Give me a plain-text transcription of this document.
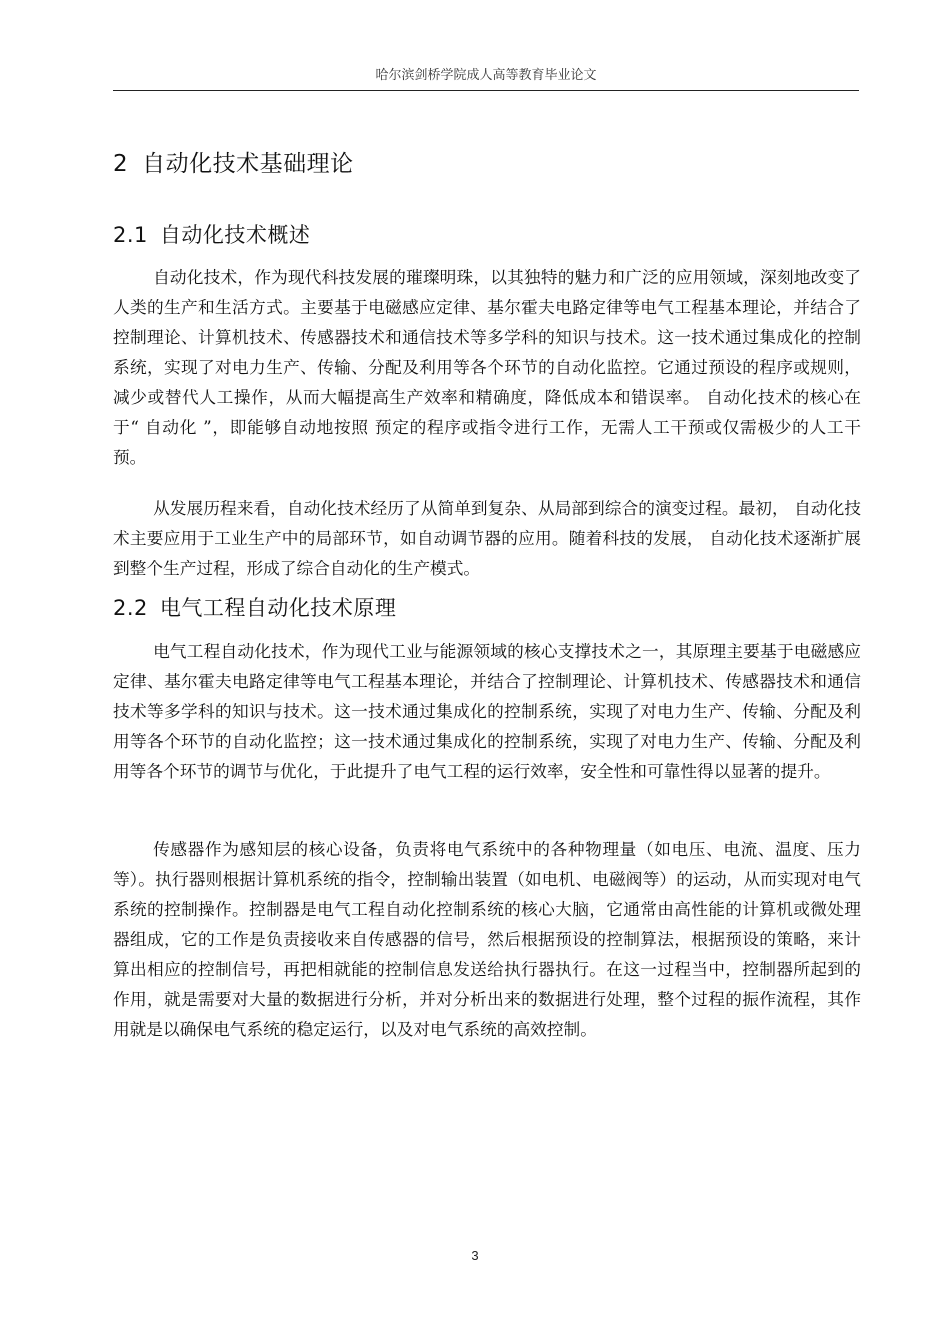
哈尔滨剑桥学院成人高等教育毕业论文
2 自动化技术基础理论
2.1 自动化技术概述

自动化技术，作为现代科技发展的璀璨明珠，以其独特的魅力和广泛的应用领域，深刻地改变了人类的生产和生活方式。主要基于电磁感应定律、基尔霍夫电路定律等电气工程基本理论，并结合了控制理论、计算机技术、传感器技术和通信技术等多学科的知识与技术。这一技术通过集成化的控制系统，实现了对电力生产、传输、分配及利用等各个环节的自动化监控。它通过预设的程序或规则，减少或替代人工操作，从而大幅提高生产效率和精确度，降低成本和错误率。 自动化技术的核心在于“ 自动化 ”，即能够自动地按照 预定的程序或指令进行工作，无需人工干预或仅需极少的人工干预。

从发展历程来看，自动化技术经历了从简单到复杂、从局部到综合的演变过程。最初， 自动化技术主要应用于工业生产中的局部环节，如自动调节器的应用。随着科技的发展， 自动化技术逐渐扩展到整个生产过程，形成了综合自动化的生产模式。

2.2 电气工程自动化技术原理

电气工程自动化技术，作为现代工业与能源领域的核心支撑技术之一，其原理主要基于电磁感应定律、基尔霍夫电路定律等电气工程基本理论，并结合了控制理论、计算机技术、传感器技术和通信技术等多学科的知识与技术。这一技术通过集成化的控制系统，实现了对电力生产、传输、分配及利用等各个环节的自动化监控；这一技术通过集成化的控制系统，实现了对电力生产、传输、分配及利用等各个环节的调节与优化，于此提升了电气工程的运行效率，安全性和可靠性得以显著的提升。

传感器作为感知层的核心设备，负责将电气系统中的各种物理量（如电压、电流、温度、压力等）。执行器则根据计算机系统的指令，控制输出装置（如电机、电磁阀等）的运动，从而实现对电气系统的控制操作。控制器是电气工程自动化控制系统的核心大脑，它通常由高性能的计算机或微处理器组成，它的工作是负责接收来自传感器的信号，然后根据预设的控制算法，根据预设的策略，来计算出相应的控制信号，再把相就能的控制信息发送给执行器执行。在这一过程当中，控制器所起到的作用，就是需要对大量的数据进行分析，并对分析出来的数据进行处理，整个过程的振作流程，其作用就是以确保电气系统的稳定运行，以及对电气系统的高效控制。

3
